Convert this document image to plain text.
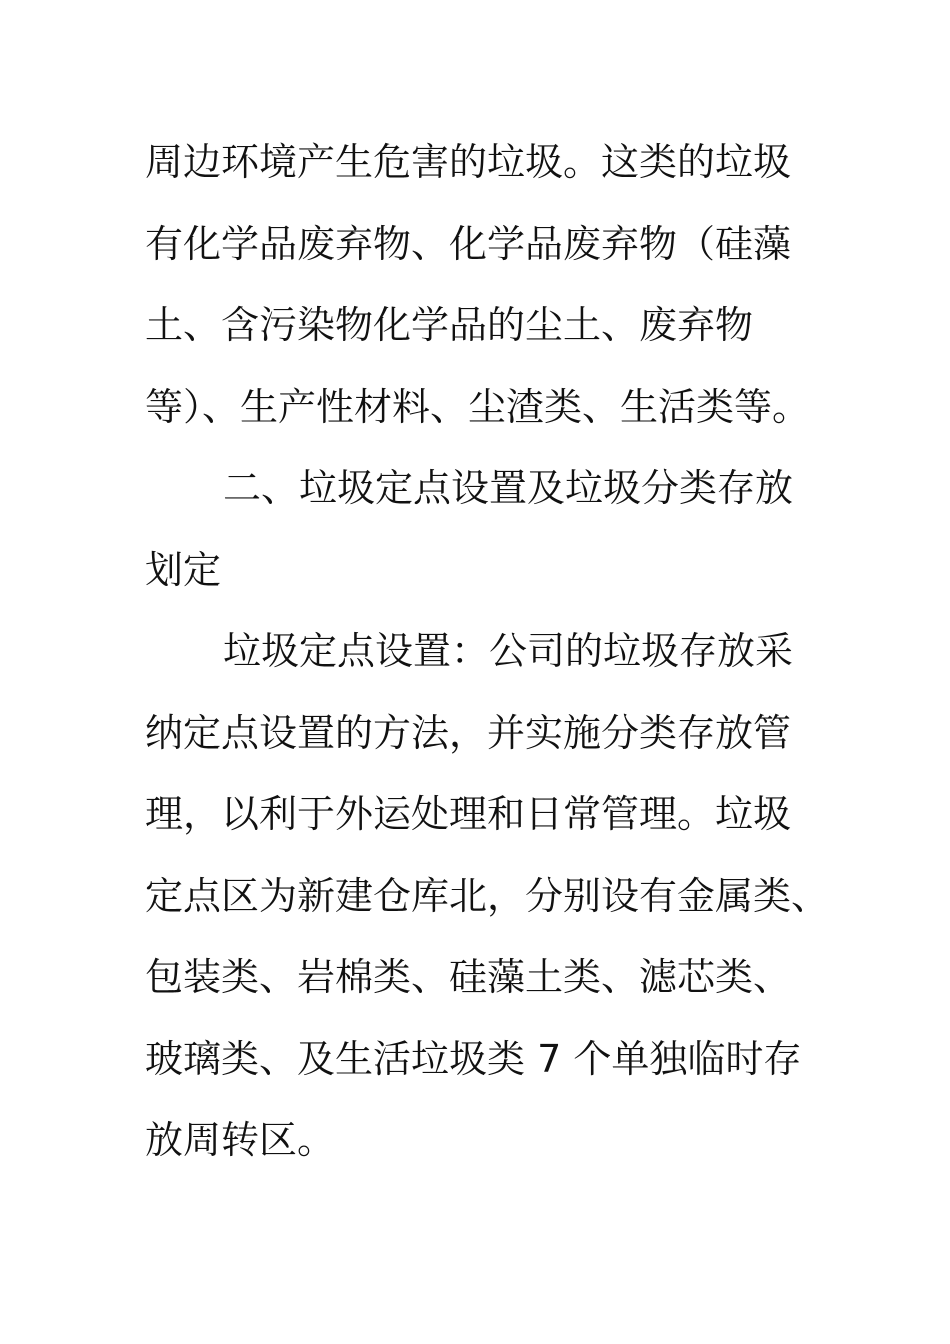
周边环境产生危害的垃圾。这类的垃圾
有化学品废弃物、化学品废弃物（硅藻
土、含污染物化学品的尘土、废弃物
等）、生产性材料、尘渣类、生活类等。
二、垃圾定点设置及垃圾分类存放
划定
垃圾定点设置：公司的垃圾存放采
纳定点设置的方法，并实施分类存放管
理，以利于外运处理和日常管理。垃圾
定点区为新建仓库北，分别设有金属类、
包装类、岩棉类、硅藻土类、滤芯类、
玻璃类、及生活垃圾类 7 个单独临时存
放周转区。
